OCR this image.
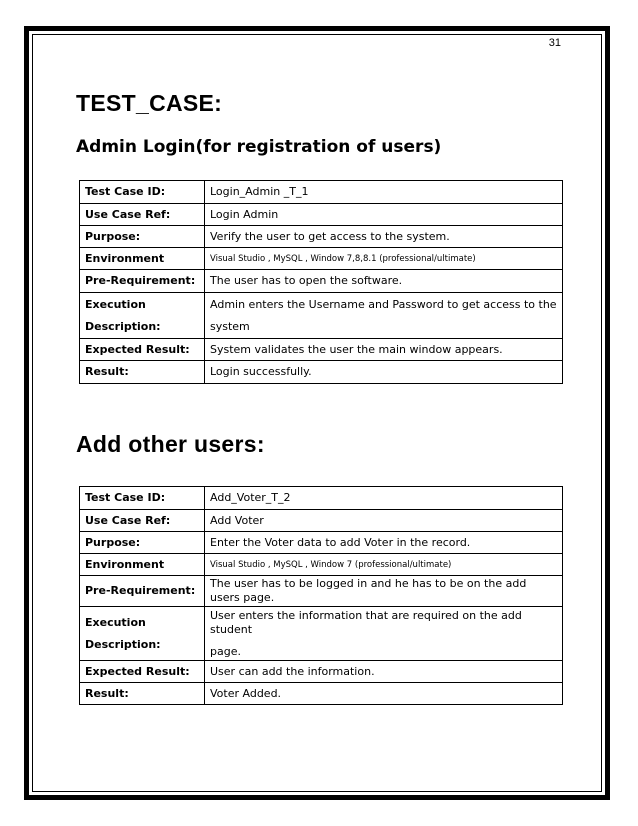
31
TEST_CASE:
Admin Login(for registration of users)
Test Case ID:	Login_Admin _T_1
Use Case Ref:	Login Admin
Purpose:	Verify the user to get access to the system.
Environment	Visual Studio , MySQL , Window 7,8,8.1 (professional/ultimate)
Pre-Requirement:	The user has to open the software.

Execution
Description:	Admin enters the Username and Password to get access to the
system

Expected Result:	System validates the user the main window appears.
Result:	Login successfully.
Add other users:
Test Case ID:	Add_Voter_T_2
Use Case Ref:	Add Voter
Purpose:	Enter the Voter data to add Voter in the record.
Environment	Visual Studio , MySQL , Window 7 (professional/ultimate)
Pre-Requirement:	The user has to be logged in and he has to be on the add users page.

Execution
Description:	User enters the information that are required on the add student
page.

Expected Result:	User can add the information.
Result:	Voter Added.
